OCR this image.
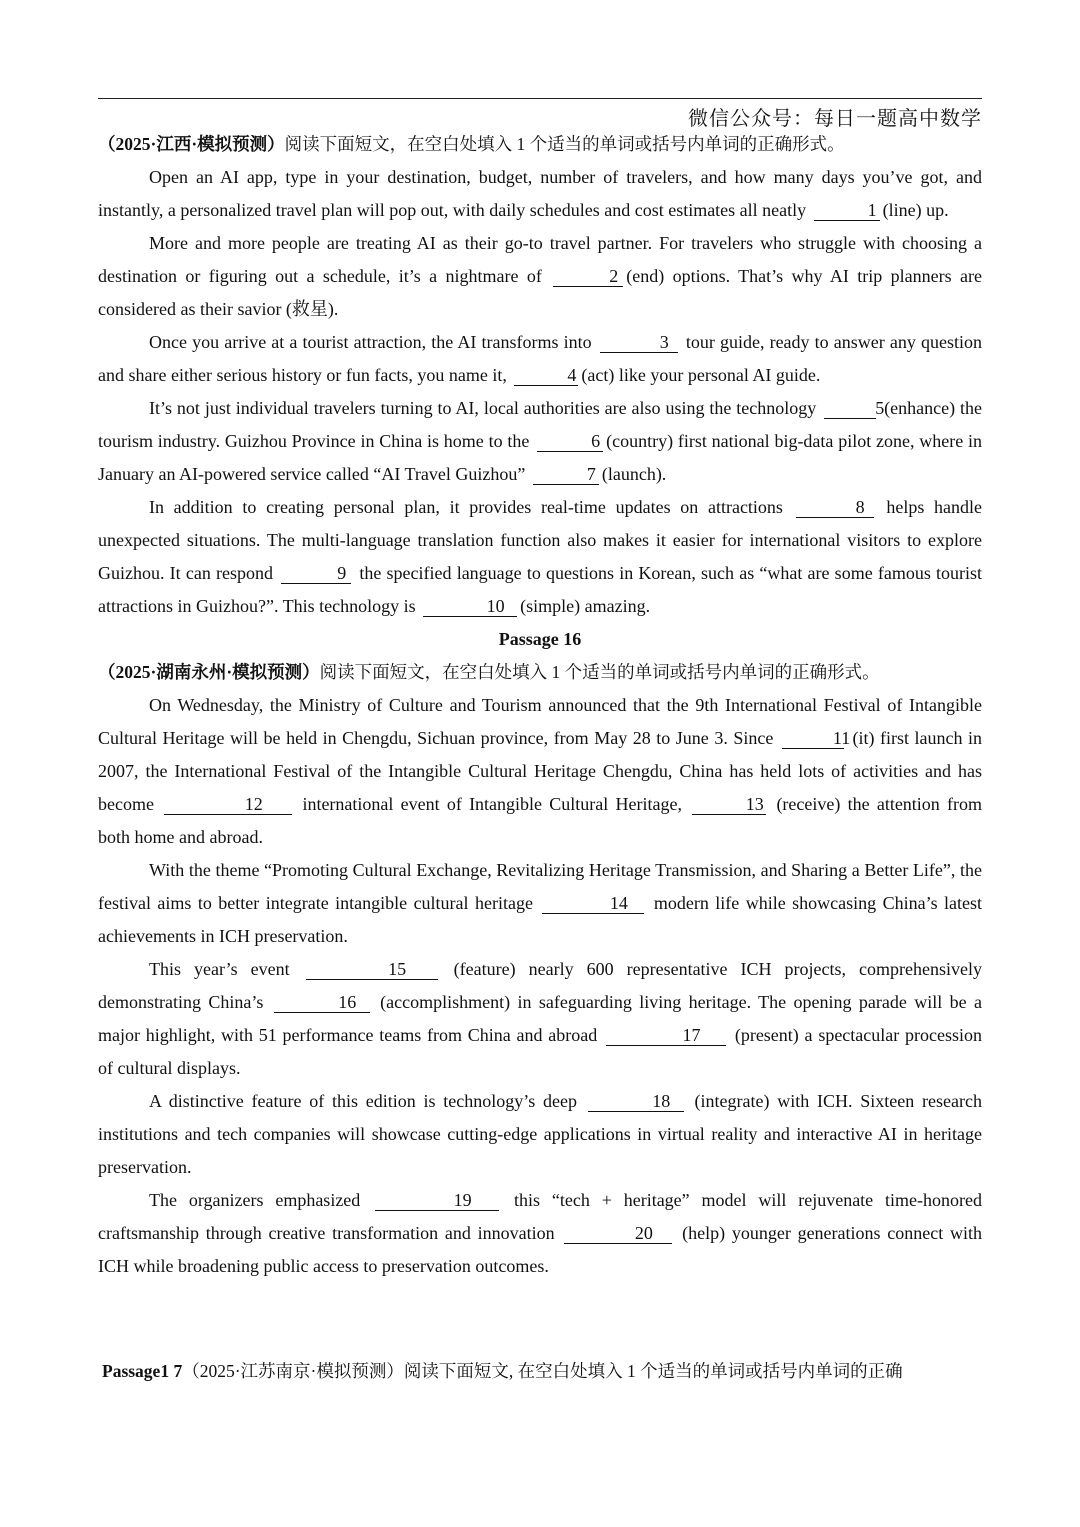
微信公众号：每日一题高中数学

（2025·江西·模拟预测）阅读下面短文，在空白处填入 1 个适当的单词或括号内单词的正确形式。

Open an AI app, type in your destination, budget, number of travelers, and how many days you’ve got, and instantly, a personalized travel plan will pop out, with daily schedules and cost estimates all neatly	1 (line) up.

More and more people are treating AI as their go-to travel partner. For travelers who struggle with choosing a destination or figuring out a schedule, it’s a nightmare of	2 (end) options. That’s why AI trip planners are considered as their savior (救星).

Once you arrive at a tourist attraction, the AI transforms into	3 tour guide, ready to answer any question and share either serious history or fun facts, you name it,	4 (act) like your personal AI guide.

It’s not just individual travelers turning to AI, local authorities are also using the technology	5 (enhance) the tourism industry. Guizhou Province in China is home to the	6 (country) first national big-data pilot zone, where in January an AI-powered service called “AI Travel Guizhou”	7 (launch).

In addition to creating personal plan, it provides real-time updates on attractions	8 helps handle unexpected situations. The multi-language translation function also makes it easier for international visitors to explore Guizhou. It can respond	9 the specified language to questions in Korean, such as “what are some famous tourist attractions in Guizhou?”. This technology is	10 (simple) amazing.

Passage 16

（2025·湖南永州·模拟预测）阅读下面短文，在空白处填入 1 个适当的单词或括号内单词的正确形式。

On Wednesday, the Ministry of Culture and Tourism announced that the 9th International Festival of Intangible Cultural Heritage will be held in Chengdu, Sichuan province, from May 28 to June 3. Since	11 (it) first launch in 2007, the International Festival of the Intangible Cultural Heritage Chengdu, China has held lots of activities and has become	12 international event of Intangible Cultural Heritage,	13 (receive) the attention from both home and abroad.

With the theme “Promoting Cultural Exchange, Revitalizing Heritage Transmission, and Sharing a Better Life”, the festival aims to better integrate intangible cultural heritage	14 modern life while showcasing China’s latest achievements in ICH preservation.

This year’s event	15	(feature) nearly 600 representative ICH projects, comprehensively demonstrating China’s	16 (accomplishment) in safeguarding living heritage. The opening parade will be a major highlight, with 51 performance teams from China and abroad	17 (present) a spectacular procession of cultural displays.

A distinctive feature of this edition is technology’s deep	18 (integrate) with ICH. Sixteen research institutions and tech companies will showcase cutting-edge applications in virtual reality and interactive AI in heritage preservation.

The organizers emphasized	19 this “tech + heritage” model will rejuvenate time-honored craftsmanship through creative transformation and innovation	20 (help) younger generations connect with ICH while broadening public access to preservation outcomes.

Passage1 7（2025·江苏南京·模拟预测）阅读下面短文, 在空白处填入 1 个适当的单词或括号内单词的正确
